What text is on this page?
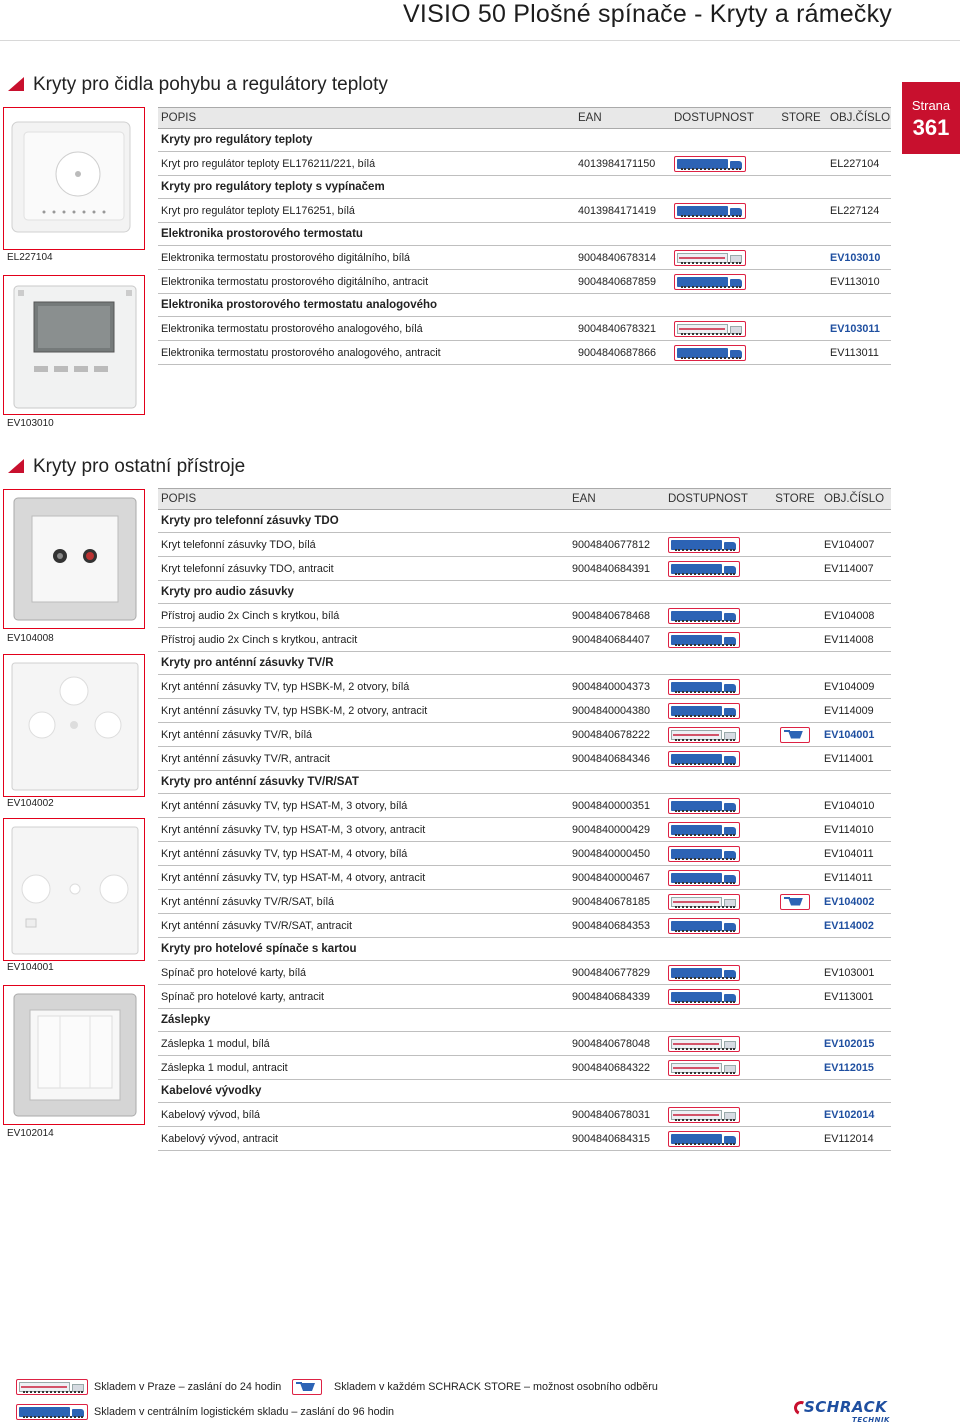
VISIO 50 Plošné spínače - Kryty a rámečky
Strana
361
Kryty pro čidla pohybu a regulátory teploty
EL227104
EV103010
POPIS	EAN	DOSTUPNOST	STORE OBJ.ČÍSLO
Kryty pro regulátory teploty
Kryt pro regulátor teploty EL176211/221, bílá	4013984171150	EL227104
Kryty pro regulátory teploty s vypínačem
Kryt pro regulátor teploty EL176251, bílá	4013984171419	EL227124
Elektronika prostorového termostatu
Elektronika termostatu prostorového digitálního, bílá	9004840678314	EV103010
Elektronika termostatu prostorového digitálního, antracit	9004840687859	EV113010
Elektronika prostorového termostatu analogového
Elektronika termostatu prostorového analogového, bílá	9004840678321	EV103011
Elektronika termostatu prostorového analogového, antracit	9004840687866	EV113011
Kryty pro ostatní přístroje
EV104008
EV104002
EV104001
EV102014
POPIS	EAN	DOSTUPNOST	STORE OBJ.ČÍSLO
Kryty pro telefonní zásuvky TDO
Kryt telefonní zásuvky TDO, bílá	9004840677812	EV104007
Kryt telefonní zásuvky TDO, antracit	9004840684391	EV114007
Kryty pro audio zásuvky
Přístroj audio 2x Cinch s krytkou, bílá	9004840678468	EV104008
Přístroj audio 2x Cinch s krytkou, antracit	9004840684407	EV114008
Kryty pro anténní zásuvky TV/R
Kryt anténní zásuvky TV, typ HSBK-M, 2 otvory, bílá	9004840004373	EV104009
Kryt anténní zásuvky TV, typ HSBK-M, 2 otvory, antracit	9004840004380	EV114009
Kryt anténní zásuvky TV/R, bílá	9004840678222	EV104001
Kryt anténní zásuvky TV/R, antracit	9004840684346	EV114001
Kryty pro anténní zásuvky TV/R/SAT
Kryt anténní zásuvky TV, typ HSAT-M, 3 otvory, bílá	9004840000351	EV104010
Kryt anténní zásuvky TV, typ HSAT-M, 3 otvory, antracit	9004840000429	EV114010
Kryt anténní zásuvky TV, typ HSAT-M, 4 otvory, bílá	9004840000450	EV104011
Kryt anténní zásuvky TV, typ HSAT-M, 4 otvory, antracit	9004840000467	EV114011
Kryt anténní zásuvky TV/R/SAT, bílá	9004840678185	EV104002
Kryt anténní zásuvky TV/R/SAT, antracit	9004840684353	EV114002
Kryty pro hotelové spínače s kartou
Spínač pro hotelové karty, bílá	9004840677829	EV103001
Spínač pro hotelové karty, antracit	9004840684339	EV113001
Záslepky
Záslepka 1 modul, bílá	9004840678048	EV102015
Záslepka 1 modul, antracit	9004840684322	EV112015
Kabelové vývodky
Kabelový vývod, bílá	9004840678031	EV102014
Kabelový vývod, antracit	9004840684315	EV112014
Skladem v Praze – zaslání do 24 hodin	Skladem v každém SCHRACK STORE – možnost osobního odběru
Skladem v centrálním logistickém skladu – zaslání do 96 hodin	SCHRACK
TECHNIK
